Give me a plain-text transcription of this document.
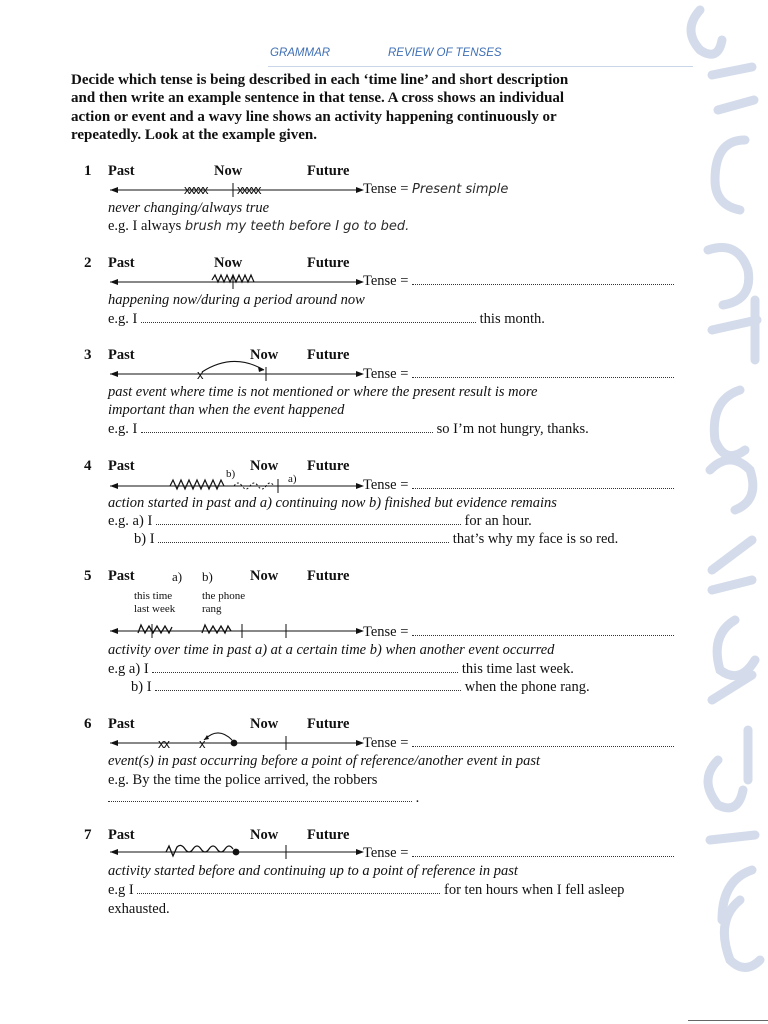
GRAMMAR	REVIEW OF TENSES
Decide which tense is being described in each ‘time line’ and short description
and then write an example sentence in that tense. A cross shows an individual
action or event and a wavy line shows an activity happening continuously or
repeatedly. Look at the example given.
1 Past	Now	Future
xxxxx xxxxx	Tense = Present simple
never changing/always true
e.g. I always brush my teeth before I go to bed.
2 Past	Now	Future
Tense =
happening now/during a period around now
e.g. I	this month.
3 Past	Now Future
x	Tense =
past event where time is not mentioned or where the present result is more
important than when the event happened
e.g. I	so I’m not hungry, thanks.
4 Past	Now Future
b)	a)	Tense =
action started in past and a) continuing now b) finished but evidence remains
e.g. a) I	for an hour.
b) I	that’s why my face is so red.
5 Past	a) b)	Now Future
this time
last week
the phone
rang
Tense =
activity over time in past a) at a certain time b) when another event occurred
e.g a) I	this time last week.
b) I	when the phone rang.
6 Past	Now Future
xx x	Tense =
event(s) in past occurring before a point of reference/another event in past
e.g. By the time the police arrived, the robbers
.
7 Past	Now Future
Tense =
activity started before and continuing up to a point of reference in past
e.g I	for ten hours when I fell asleep
exhausted.
